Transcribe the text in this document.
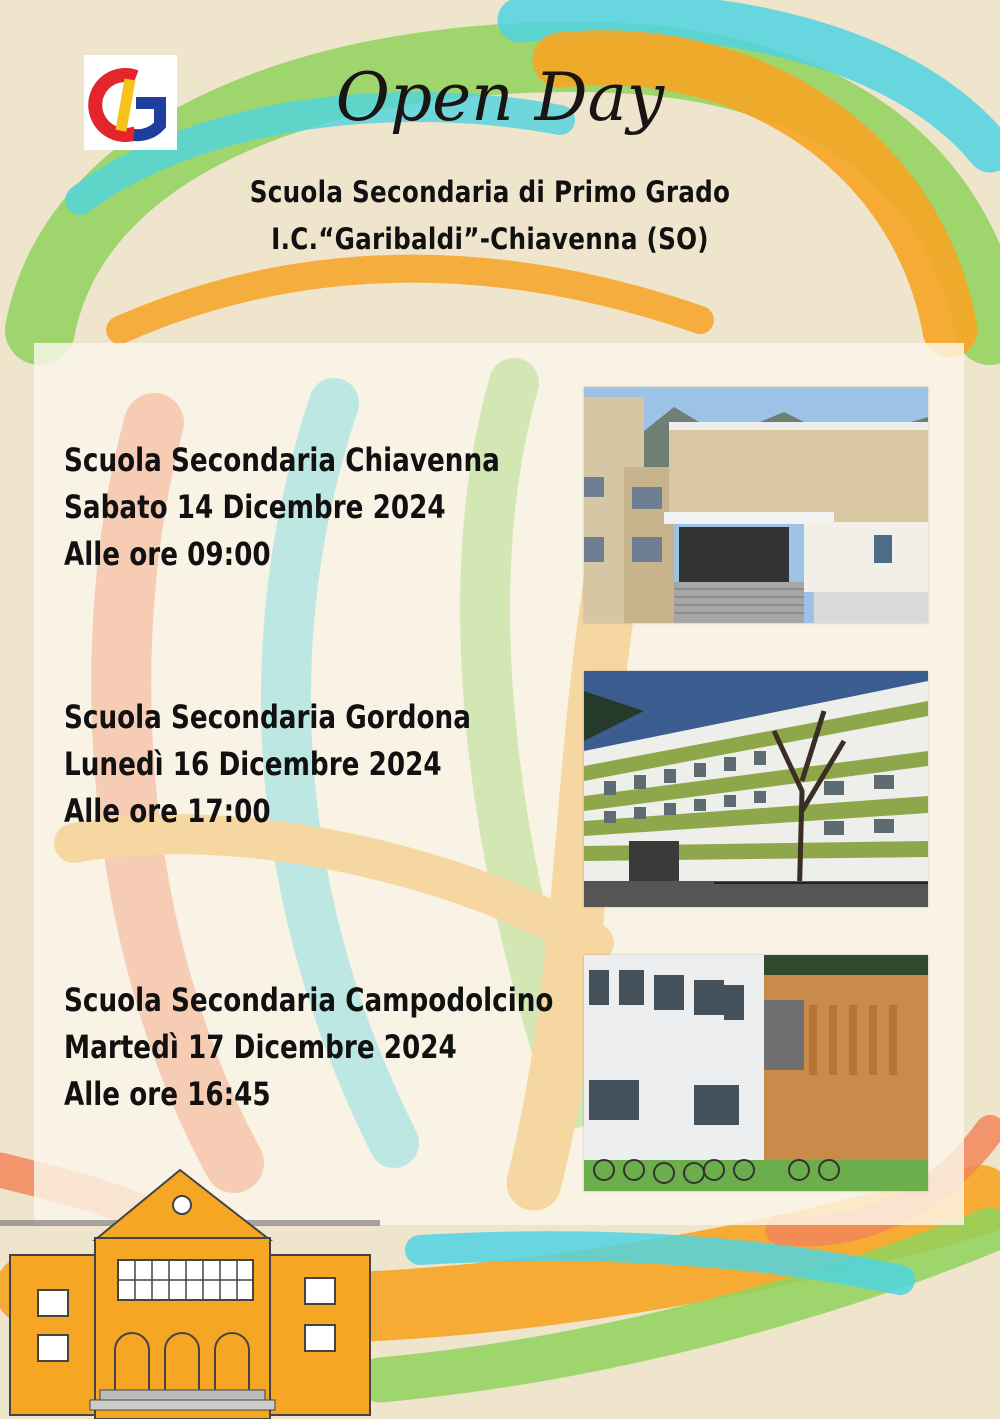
Open Day
Scuola Secondaria di Primo Grado
I.C.“Garibaldi”-Chiavenna (SO)
Scuola Secondaria Chiavenna
Sabato 14 Dicembre 2024
Alle ore 09:00
Scuola Secondaria Gordona
Lunedì 16 Dicembre 2024
Alle ore 17:00
Scuola Secondaria Campodolcino
Martedì 17 Dicembre 2024
Alle ore 16:45
